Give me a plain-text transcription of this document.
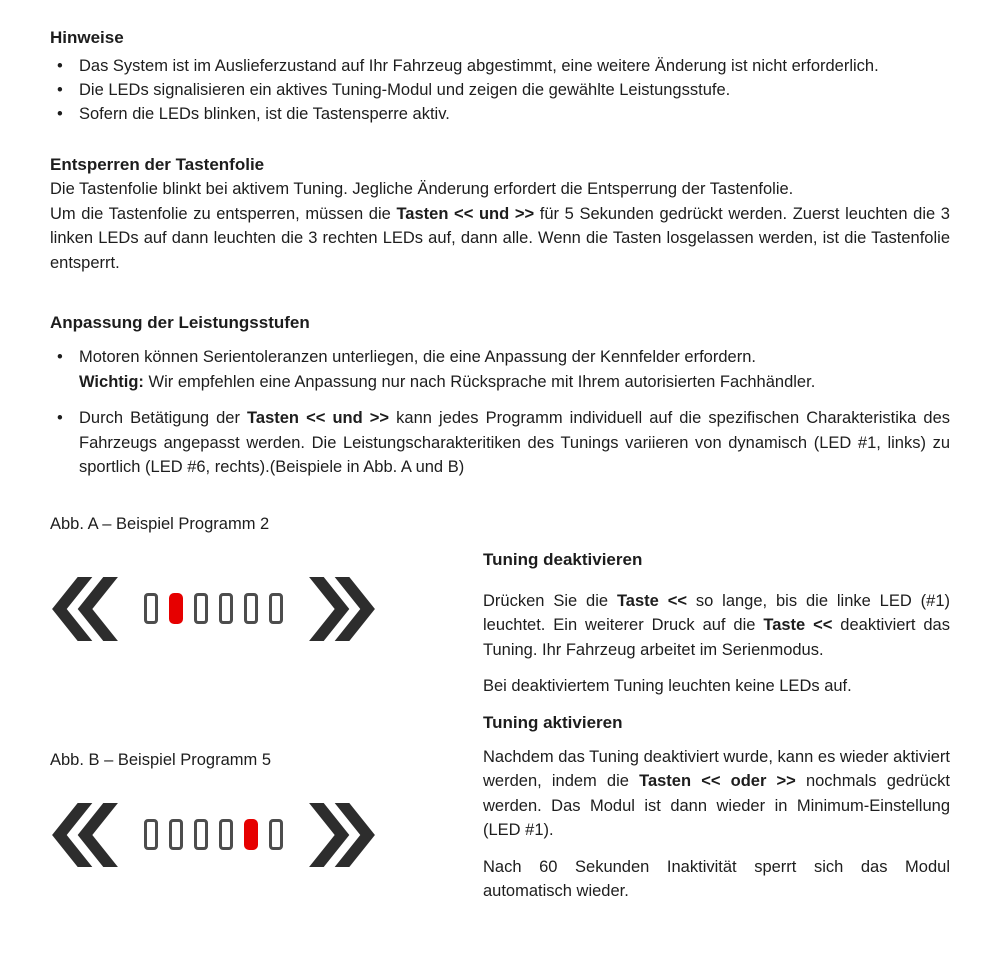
Hinweise
• Das System ist im Auslieferzustand auf Ihr Fahrzeug abgestimmt, eine weitere Änderung ist nicht erforderlich.
• Die LEDs signalisieren ein aktives Tuning-Modul und zeigen die gewählte Leistungsstufe.
• Sofern die LEDs blinken, ist die Tastensperre aktiv.
Entsperren der Tastenfolie

Die Tastenfolie blinkt bei aktivem Tuning. Jegliche Änderung erfordert die Entsperrung der Tastenfolie.

Um die Tastenfolie zu entsperren, müssen die Tasten << und >> für 5 Sekunden gedrückt werden. Zuerst leuchten die 3 linken LEDs auf dann leuchten die 3 rechten LEDs auf, dann alle. Wenn die Tasten losgelassen werden, ist die Tastenfolie entsperrt.

Anpassung der Leistungsstufen
• Motoren können Serientoleranzen unterliegen, die eine Anpassung der Kennfelder erfordern.
Wichtig: Wir empfehlen eine Anpassung nur nach Rücksprache mit Ihrem autorisierten Fachhändler.
• Durch Betätigung der Tasten << und >> kann jedes Programm individuell auf die spezifischen Charakteristika des Fahrzeugs angepasst werden. Die Leistungscharakteritiken des Tunings variieren von dynamisch (LED #1, links) zu sportlich (LED #6, rechts).(Beispiele in Abb. A und B)
Abb. A – Beispiel Programm 2
Abb. B – Beispiel Programm 5
Tuning deaktivieren

Drücken Sie die Taste << so lange, bis die linke LED (#1) leuchtet. Ein weiterer Druck auf die Taste << deaktiviert das Tuning. Ihr Fahrzeug arbeitet im Serienmodus.

Bei deaktiviertem Tuning leuchten keine LEDs auf.

Tuning aktivieren

Nachdem das Tuning deaktiviert wurde, kann es wieder aktiviert werden, indem die Tasten << oder >> nochmals gedrückt werden. Das Modul ist dann wieder in Minimum-Einstellung (LED #1).

Nach 60 Sekunden Inaktivität sperrt sich das Modul automatisch wieder.
